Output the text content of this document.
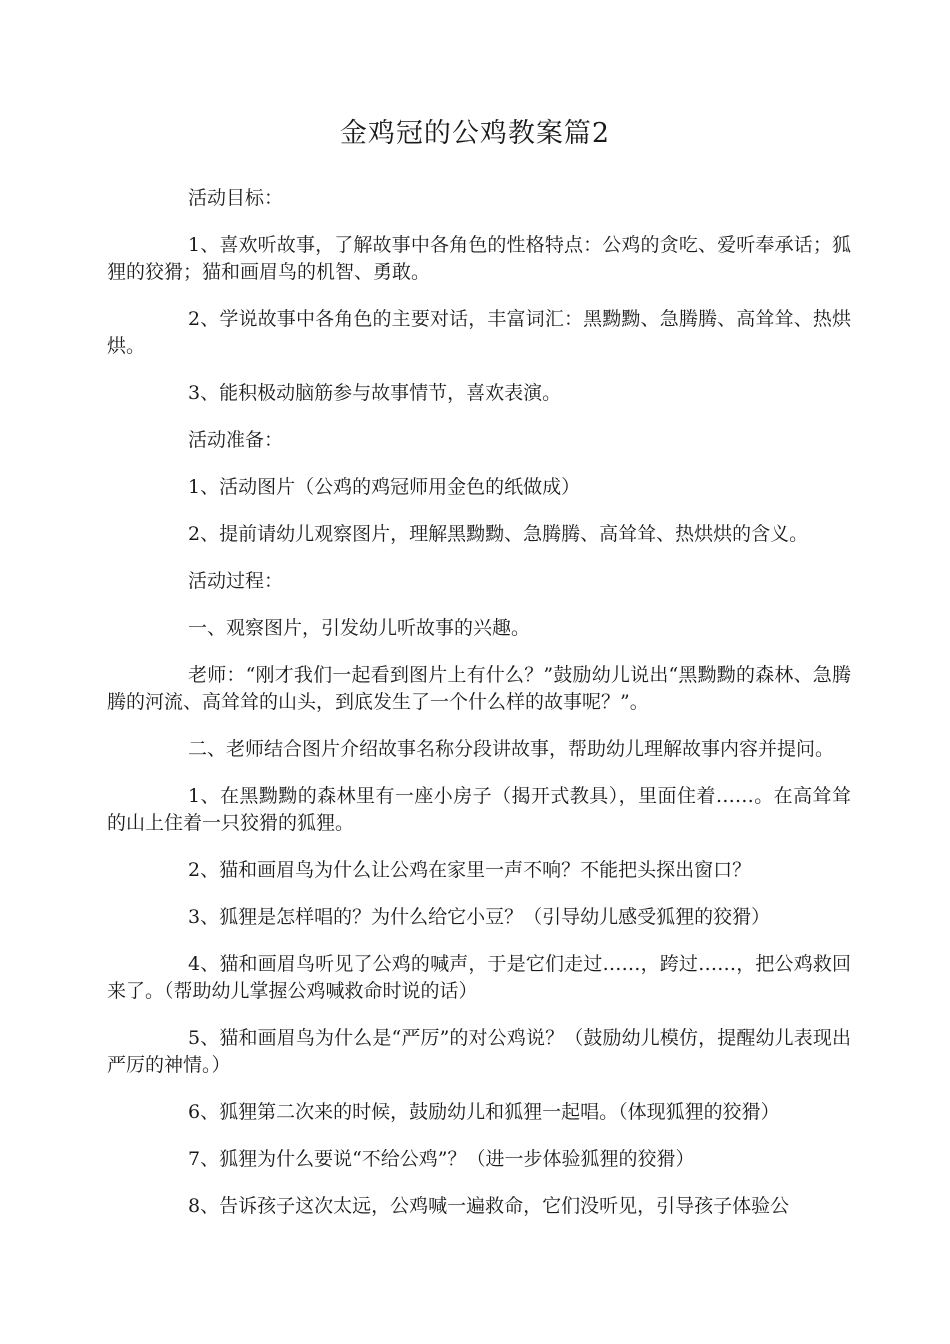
金鸡冠的公鸡教案篇2

活动目标：

1、喜欢听故事，了解故事中各角色的性格特点：公鸡的贪吃、爱听奉承话；狐狸的狡猾；猫和画眉鸟的机智、勇敢。

2、学说故事中各角色的主要对话，丰富词汇：黑黝黝、急腾腾、高耸耸、热烘烘。

3、能积极动脑筋参与故事情节，喜欢表演。

活动准备：

1、活动图片（公鸡的鸡冠师用金色的纸做成）

2、提前请幼儿观察图片，理解黑黝黝、急腾腾、高耸耸、热烘烘的含义。

活动过程：

一、观察图片，引发幼儿听故事的兴趣。

老师：“刚才我们一起看到图片上有什么？”鼓励幼儿说出“黑黝黝的森林、急腾腾的河流、高耸耸的山头，到底发生了一个什么样的故事呢？”。

二、老师结合图片介绍故事名称分段讲故事，帮助幼儿理解故事内容并提问。

1、在黑黝黝的森林里有一座小房子（揭开式教具），里面住着……。在高耸耸的山上住着一只狡猾的狐狸。

2、猫和画眉鸟为什么让公鸡在家里一声不响？不能把头探出窗口？

3、狐狸是怎样唱的？为什么给它小豆？（引导幼儿感受狐狸的狡猾）

4、猫和画眉鸟听见了公鸡的喊声，于是它们走过……，跨过……，把公鸡救回来了。（帮助幼儿掌握公鸡喊救命时说的话）

5、猫和画眉鸟为什么是“严厉”的对公鸡说？（鼓励幼儿模仿，提醒幼儿表现出严厉的神情。）

6、狐狸第二次来的时候，鼓励幼儿和狐狸一起唱。（体现狐狸的狡猾）

7、狐狸为什么要说“不给公鸡”？（进一步体验狐狸的狡猾）

8、告诉孩子这次太远，公鸡喊一遍救命，它们没听见，引导孩子体验公
